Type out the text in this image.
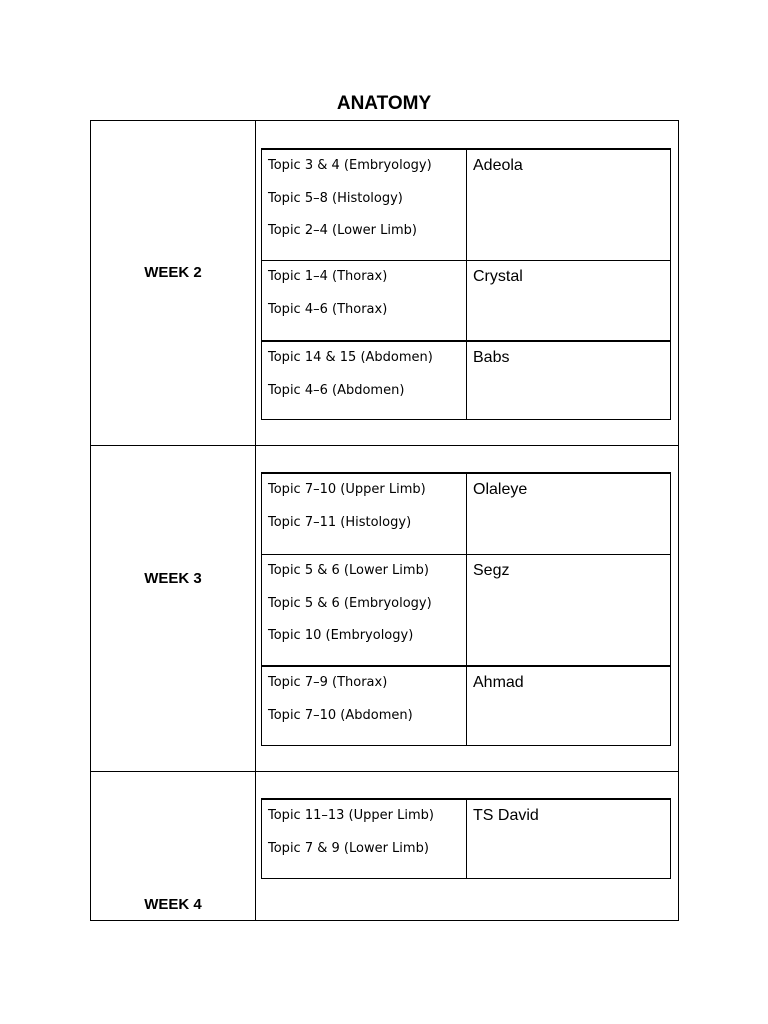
ANATOMY
WEEK 2
Topic 3 & 4 (Embryology)
Topic 5–8 (Histology)
Topic 2–4 (Lower Limb)
Adeola
Topic 1–4 (Thorax)
Topic 4–6 (Thorax)
Crystal
Topic 14 & 15 (Abdomen)
Topic 4–6 (Abdomen)
Babs
WEEK 3
Topic 7–10 (Upper Limb)
Topic 7–11 (Histology)
Olaleye
Topic 5 & 6 (Lower Limb)
Topic 5 & 6 (Embryology)
Topic 10 (Embryology)
Segz
Topic 7–9 (Thorax)
Topic 7–10 (Abdomen)
Ahmad
WEEK 4
Topic 11–13 (Upper Limb)
Topic 7 & 9 (Lower Limb)
TS David
